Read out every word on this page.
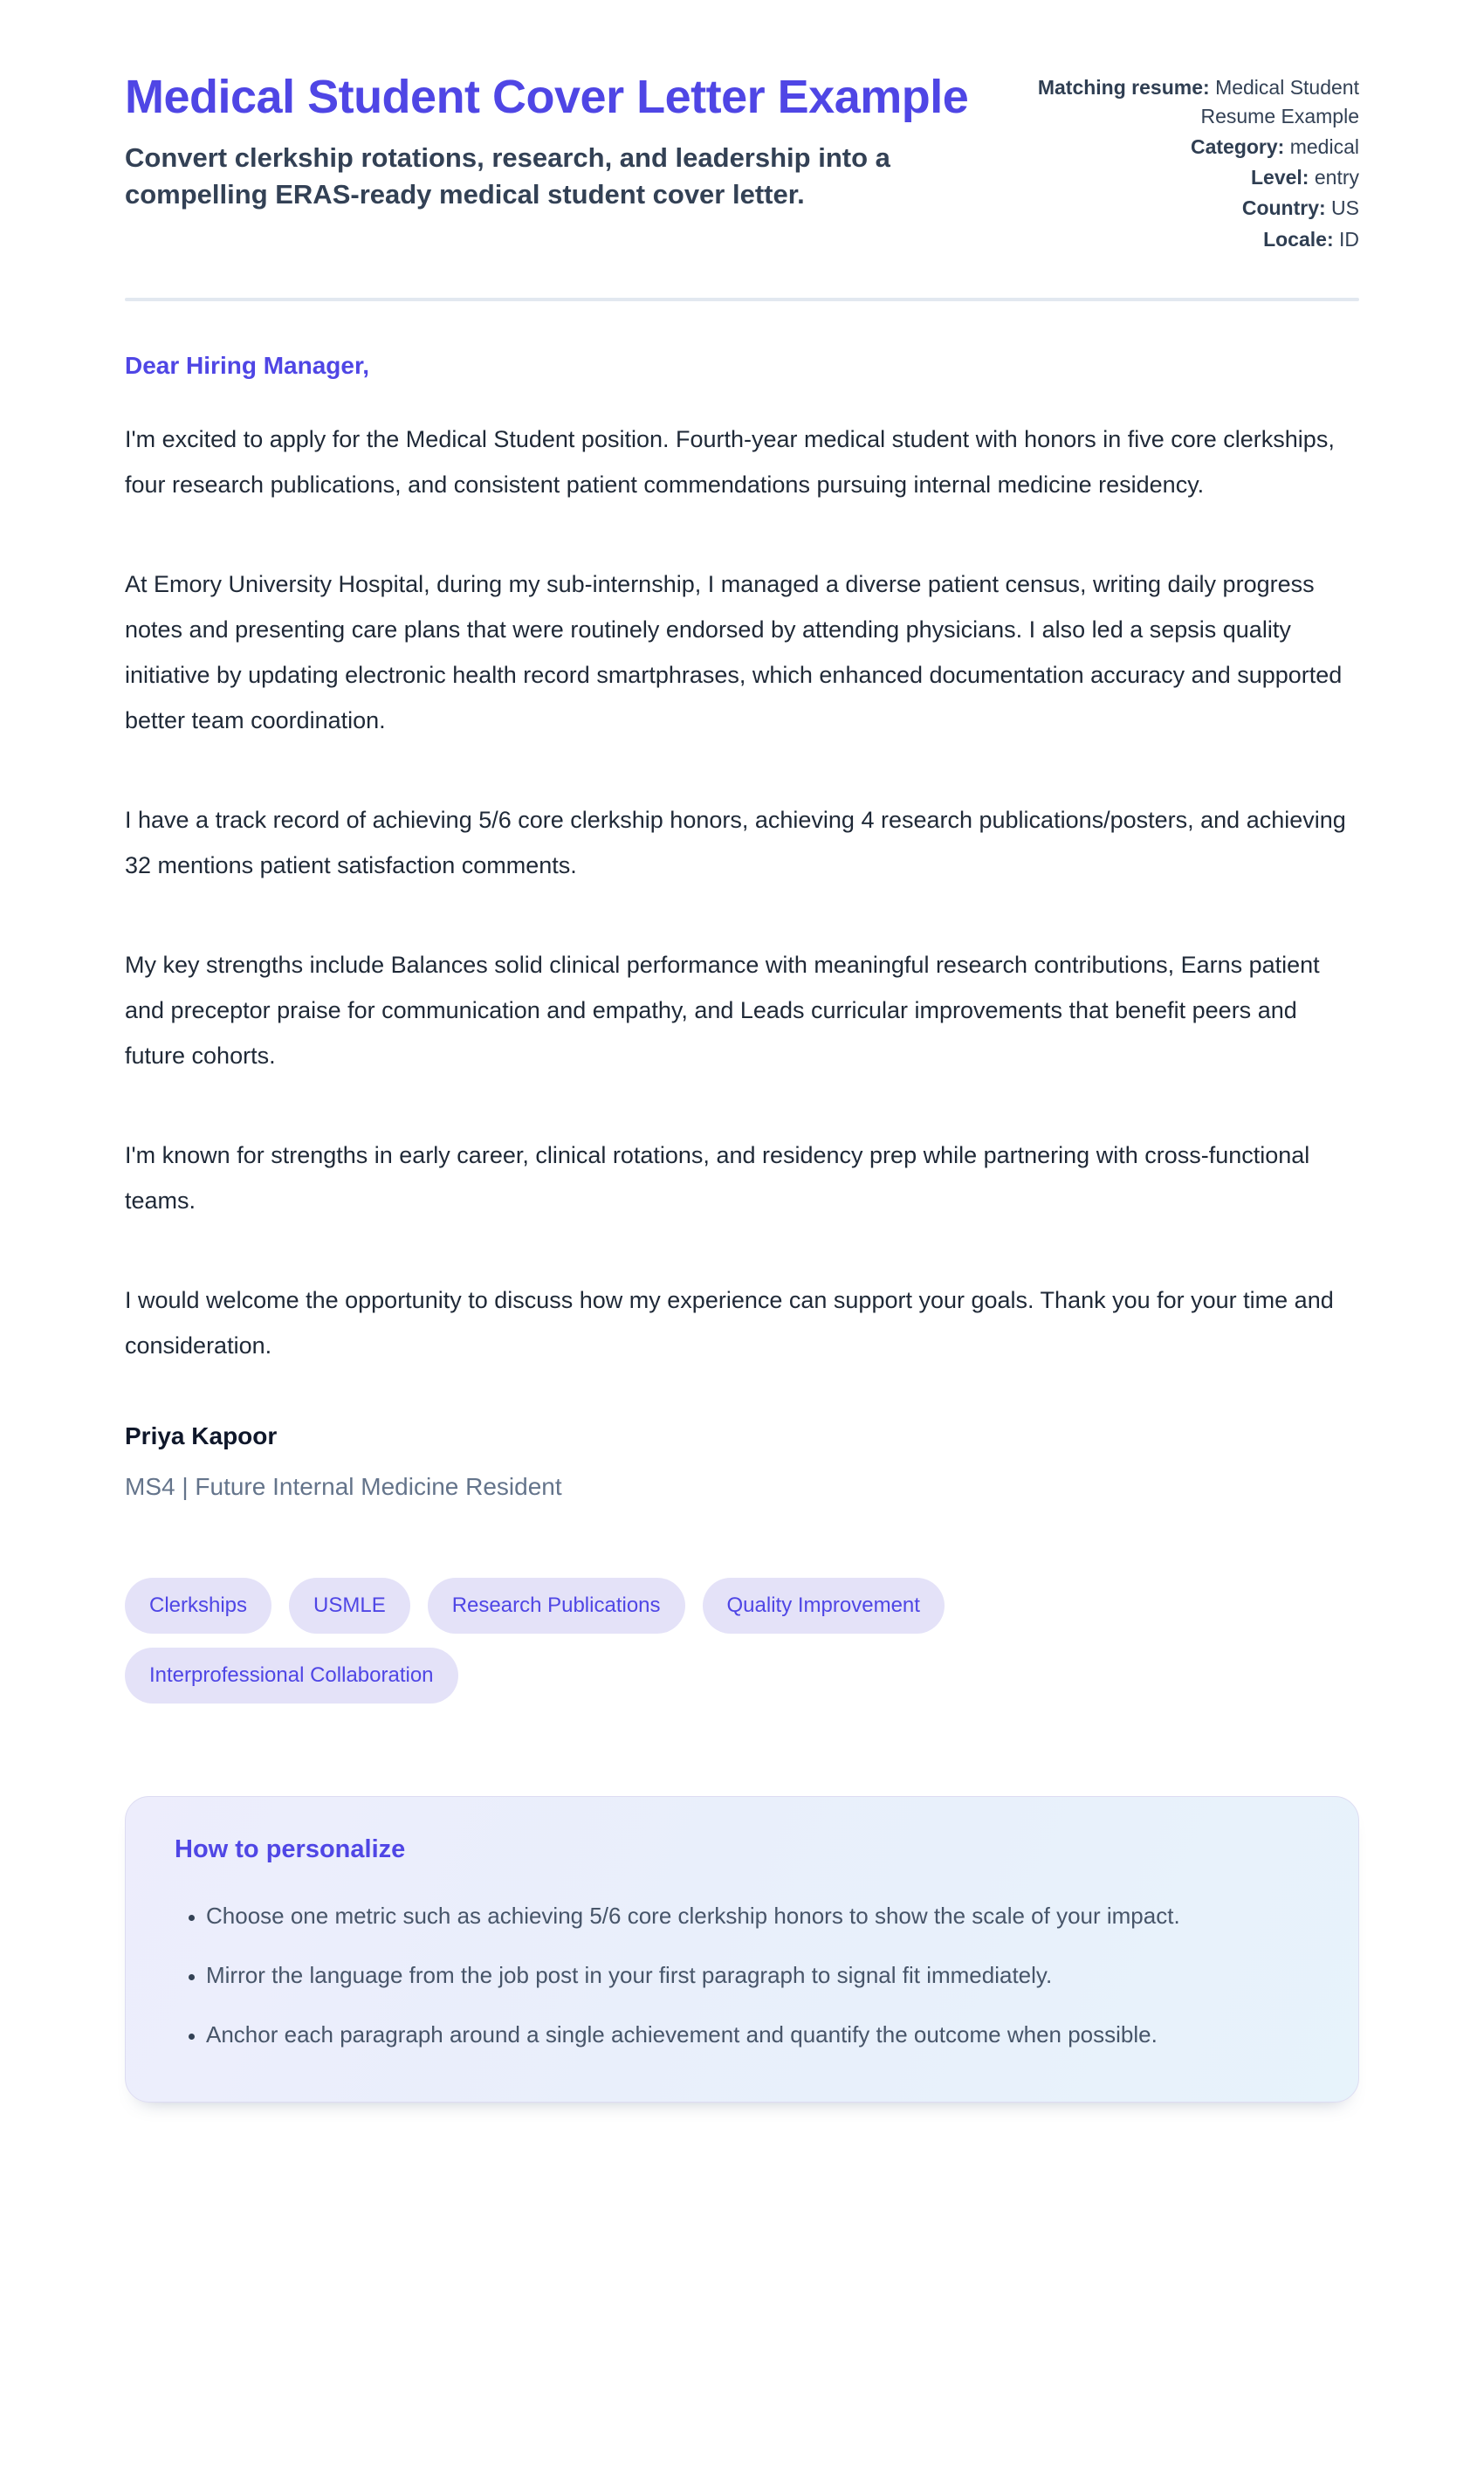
Medical Student Cover Letter Example
Convert clerkship rotations, research, and leadership into a compelling ERAS-ready medical student cover letter.
Matching resume: Medical Student Resume Example
Category: medical
Level: entry
Country: US
Locale: ID

Dear Hiring Manager,

I'm excited to apply for the Medical Student position. Fourth-year medical student with honors in five core clerkships, four research publications, and consistent patient commendations pursuing internal medicine residency.

At Emory University Hospital, during my sub-internship, I managed a diverse patient census, writing daily progress notes and presenting care plans that were routinely endorsed by attending physicians. I also led a sepsis quality initiative by updating electronic health record smartphrases, which enhanced documentation accuracy and supported better team coordination.

I have a track record of achieving 5/6 core clerkship honors, achieving 4 research publications/posters, and achieving 32 mentions patient satisfaction comments.

My key strengths include Balances solid clinical performance with meaningful research contributions, Earns patient and preceptor praise for communication and empathy, and Leads curricular improvements that benefit peers and future cohorts.

I'm known for strengths in early career, clinical rotations, and residency prep while partnering with cross-functional teams.

I would welcome the opportunity to discuss how my experience can support your goals. Thank you for your time and consideration.

Priya Kapoor
MS4 | Future Internal Medicine Resident
Clerkships	USMLE	Research Publications	Quality Improvement
Interprofessional Collaboration
How to personalize
• Choose one metric such as achieving 5/6 core clerkship honors to show the scale of your impact.
• Mirror the language from the job post in your first paragraph to signal fit immediately.
• Anchor each paragraph around a single achievement and quantify the outcome when possible.
